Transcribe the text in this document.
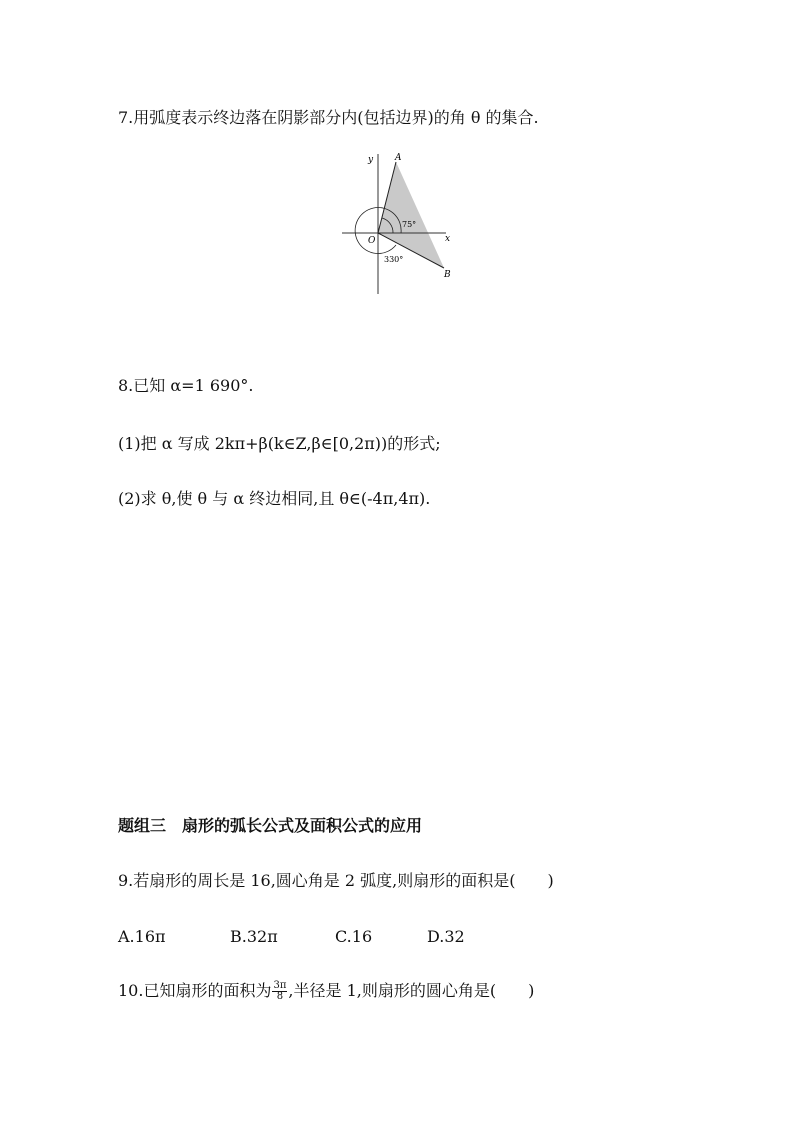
7.用弧度表示终边落在阴影部分内(包括边界)的角 θ 的集合.
y
x
O
A
B
75°
330°
8.已知 α=1 690°.
(1)把 α 写成 2kπ+β(k∈Z,β∈[0,2π))的形式;
(2)求 θ,使 θ 与 α 终边相同,且 θ∈(-4π,4π).
题组三　扇形的弧长公式及面积公式的应用
9.若扇形的周长是 16,圆心角是 2 弧度,则扇形的面积是(　　)
A.16π	B.32π	C.16	D.32
10.已知扇形的面积为 $\frac{3\pi}{8}$ ,半径是 1,则扇形的圆心角是(　　)
